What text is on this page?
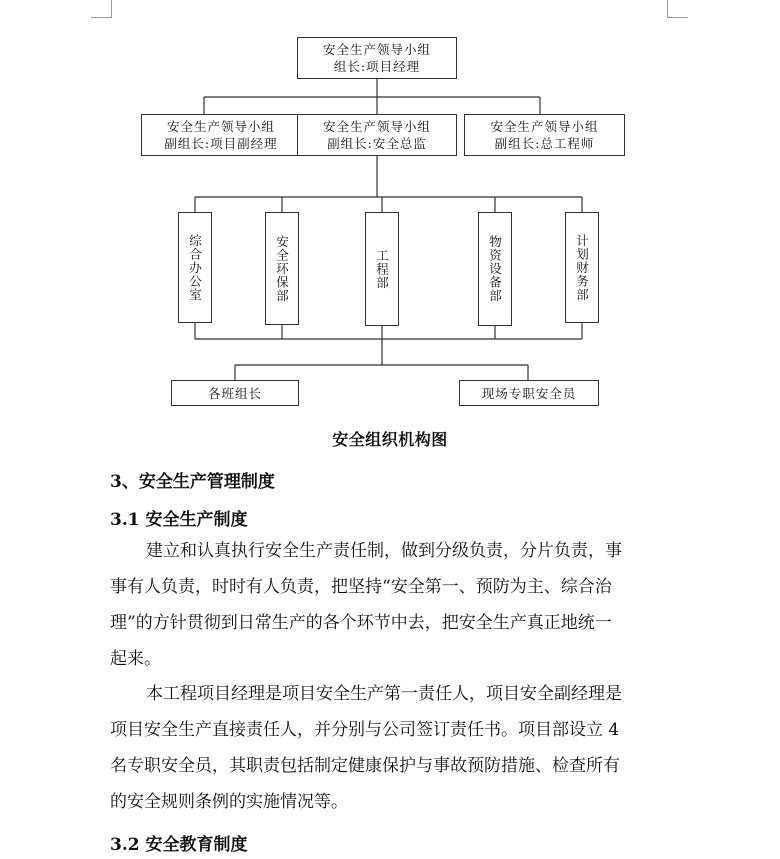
安全生产领导小组
组长:项目经理
安全生产领导小组
副组长:项目副经理
安全生产领导小组
副组长:安全总监
安全生产领导小组
副组长:总工程师
综合办公室	安全环保部	工程部	物资设备部	计划财务部
各班组长	现场专职安全员
安全组织机构图
3、安全生产管理制度
3.1 安全生产制度
建立和认真执行安全生产责任制，做到分级负责，分片负责，事
事有人负责，时时有人负责，把坚持“安全第一、预防为主、综合治
理”的方针贯彻到日常生产的各个环节中去，把安全生产真正地统一
起来。
本工程项目经理是项目安全生产第一责任人，项目安全副经理是
项目安全生产直接责任人，并分别与公司签订责任书。项目部设立 4
名专职安全员，其职责包括制定健康保护与事故预防措施、检查所有
的安全规则条例的实施情况等。
3.2 安全教育制度
